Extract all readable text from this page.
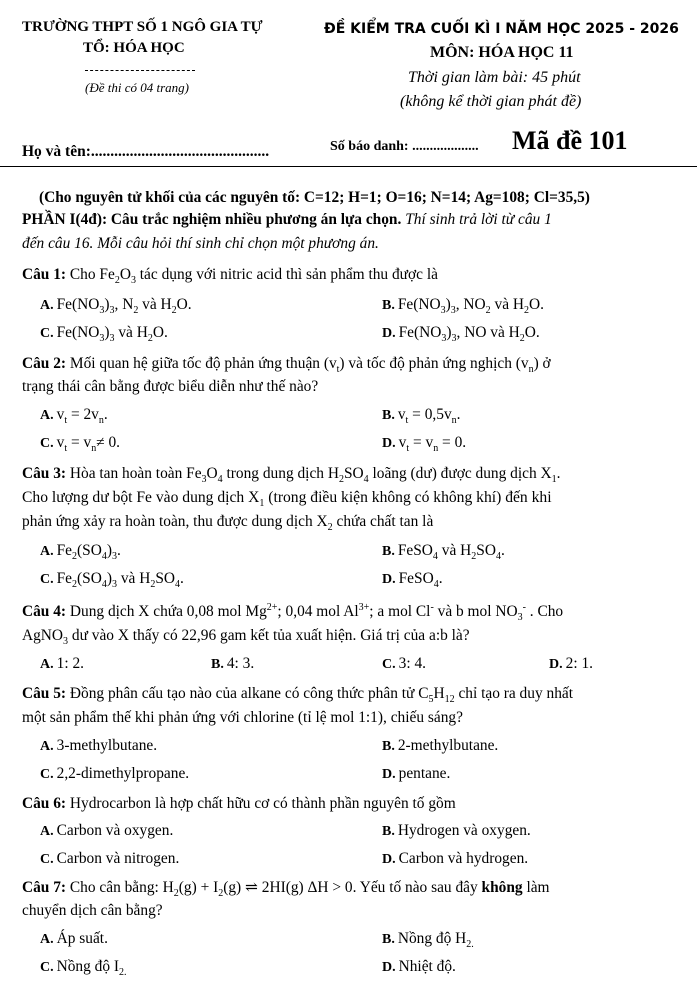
TRƯỜNG THPT SỐ 1 NGÔ GIA TỰ
TỔ: HÓA HỌC
(Đề thi có 04 trang)
ĐỀ KIỂM TRA CUỐI KÌ I NĂM HỌC 2025 - 2026
MÔN: HÓA HỌC 11
Thời gian làm bài: 45 phút
(không kể thời gian phát đề)
Họ và tên:..............................................	Số báo danh: ................... Mã đề 101
(Cho nguyên tử khối của các nguyên tố: C=12; H=1; O=16; N=14; Ag=108; Cl=35,5)
PHẦN I(4đ): Câu trắc nghiệm nhiều phương án lựa chọn. Thí sinh trả lời từ câu 1
đến câu 16. Mỗi câu hỏi thí sinh chỉ chọn một phương án.
Câu 1: Cho $Fe_2O_3$ tác dụng với nitric acid thì sản phẩm thu được là
A. $Fe(NO_3)_3$, $N_2$ và $H_2O$.	B. $Fe(NO_3)_3$, $NO_2$ và $H_2O$.
C. $Fe(NO_3)_3$ và $H_2O$.	D. $Fe(NO_3)_3$, NO và $H_2O$.
Câu 2: Mối quan hệ giữa tốc độ phản ứng thuận $(v_t)$ và tốc độ phản ứng nghịch $(v_n)$ ở
trạng thái cân bằng được biểu diễn như thế nào?
A. $v_t = 2v_n$.	B. $v_t = 0,5v_n$.
C. $v_t = v_n\ne 0$.	D. $v_t = v_n = 0$.
Câu 3: Hòa tan hoàn toàn $Fe_3O_4$ trong dung dịch $H_2SO_4$ loãng (dư) được dung dịch $X_1$.
Cho lượng dư bột Fe vào dung dịch $X_1$ (trong điều kiện không có không khí) đến khi
phản ứng xảy ra hoàn toàn, thu được dung dịch $X_2$ chứa chất tan là
A. $Fe_2(SO_4)_3$.	B. FeSO$_4$ và $H_2SO_4$.
C. $Fe_2(SO_4)_3$ và $H_2SO_4$.	D. FeSO$_4$.
Câu 4: Dung dịch X chứa 0,08 mol $Mg^{2+}$; 0,04 mol $Al^{3+}$; a mol Cl- và b mol $NO_3^-$ . Cho
AgNO$_3$ dư vào X thấy có 22,96 gam kết tủa xuất hiện. Giá trị của a:b là?
A. 1: 2.	B. 4: 3.	C. 3: 4.	D. 2: 1.
Câu 5: Đồng phân cấu tạo nào của alkane có công thức phân tử $C_5H_{12}$ chỉ tạo ra duy nhất
một sản phẩm thế khi phản ứng với chlorine (tỉ lệ mol 1:1), chiếu sáng?
A. 3-methylbutane.	B. 2-methylbutane.
C. 2,2-dimethylpropane.	D. pentane.
Câu 6: Hydrocarbon là hợp chất hữu cơ có thành phần nguyên tố gồm
A. Carbon và oxygen.	B. Hydrogen và oxygen.
C. Carbon và nitrogen.	D. Carbon và hydrogen.
Câu 7: Cho cân bằng: $H_2(g) + I_2(g)$ ⇌ 2HI(g) ΔH > 0. Yếu tố nào sau đây không làm
chuyển dịch cân bằng?
A. Áp suất.	B. Nồng độ $H_{2.}$
C. Nồng độ $I_{2.}$	D. Nhiệt độ.
